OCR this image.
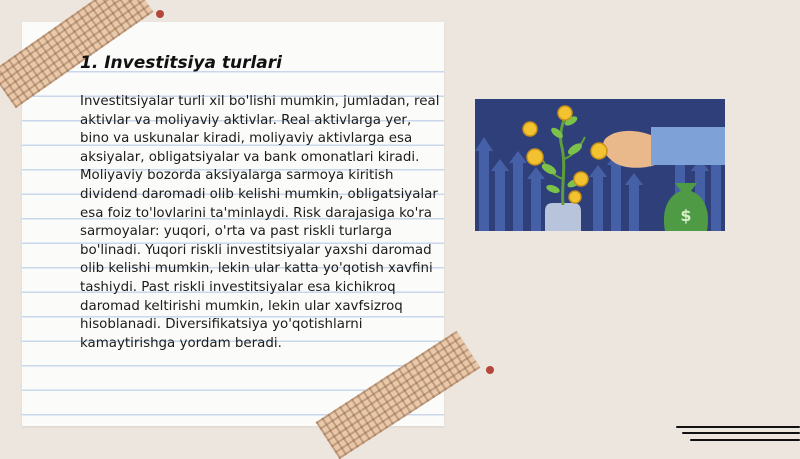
1. Investitsiya turlari

Investitsiyalar turli xil bo'lishi mumkin, jumladan, real aktivlar va moliyaviy aktivlar. Real aktivlarga yer, bino va uskunalar kiradi, moliyaviy aktivlarga esa aksiyalar, obligatsiyalar va bank omonatlari kiradi. Moliyaviy bozorda aksiyalarga sarmoya kiritish dividend daromadi olib kelishi mumkin, obligatsiyalar esa foiz to'lovlarini ta'minlaydi. Risk darajasiga ko'ra sarmoyalar: yuqori, o'rta va past riskli turlarga bo'linadi. Yuqori riskli investitsiyalar yaxshi daromad olib kelishi mumkin, lekin ular katta yo'qotish xavfini tashiydi. Past riskli investitsiyalar esa kichikroq daromad keltirishi mumkin, lekin ular xavfsizroq hisoblanadi. Diversifikatsiya yo'qotishlarni kamaytirishga yordam beradi.

$
